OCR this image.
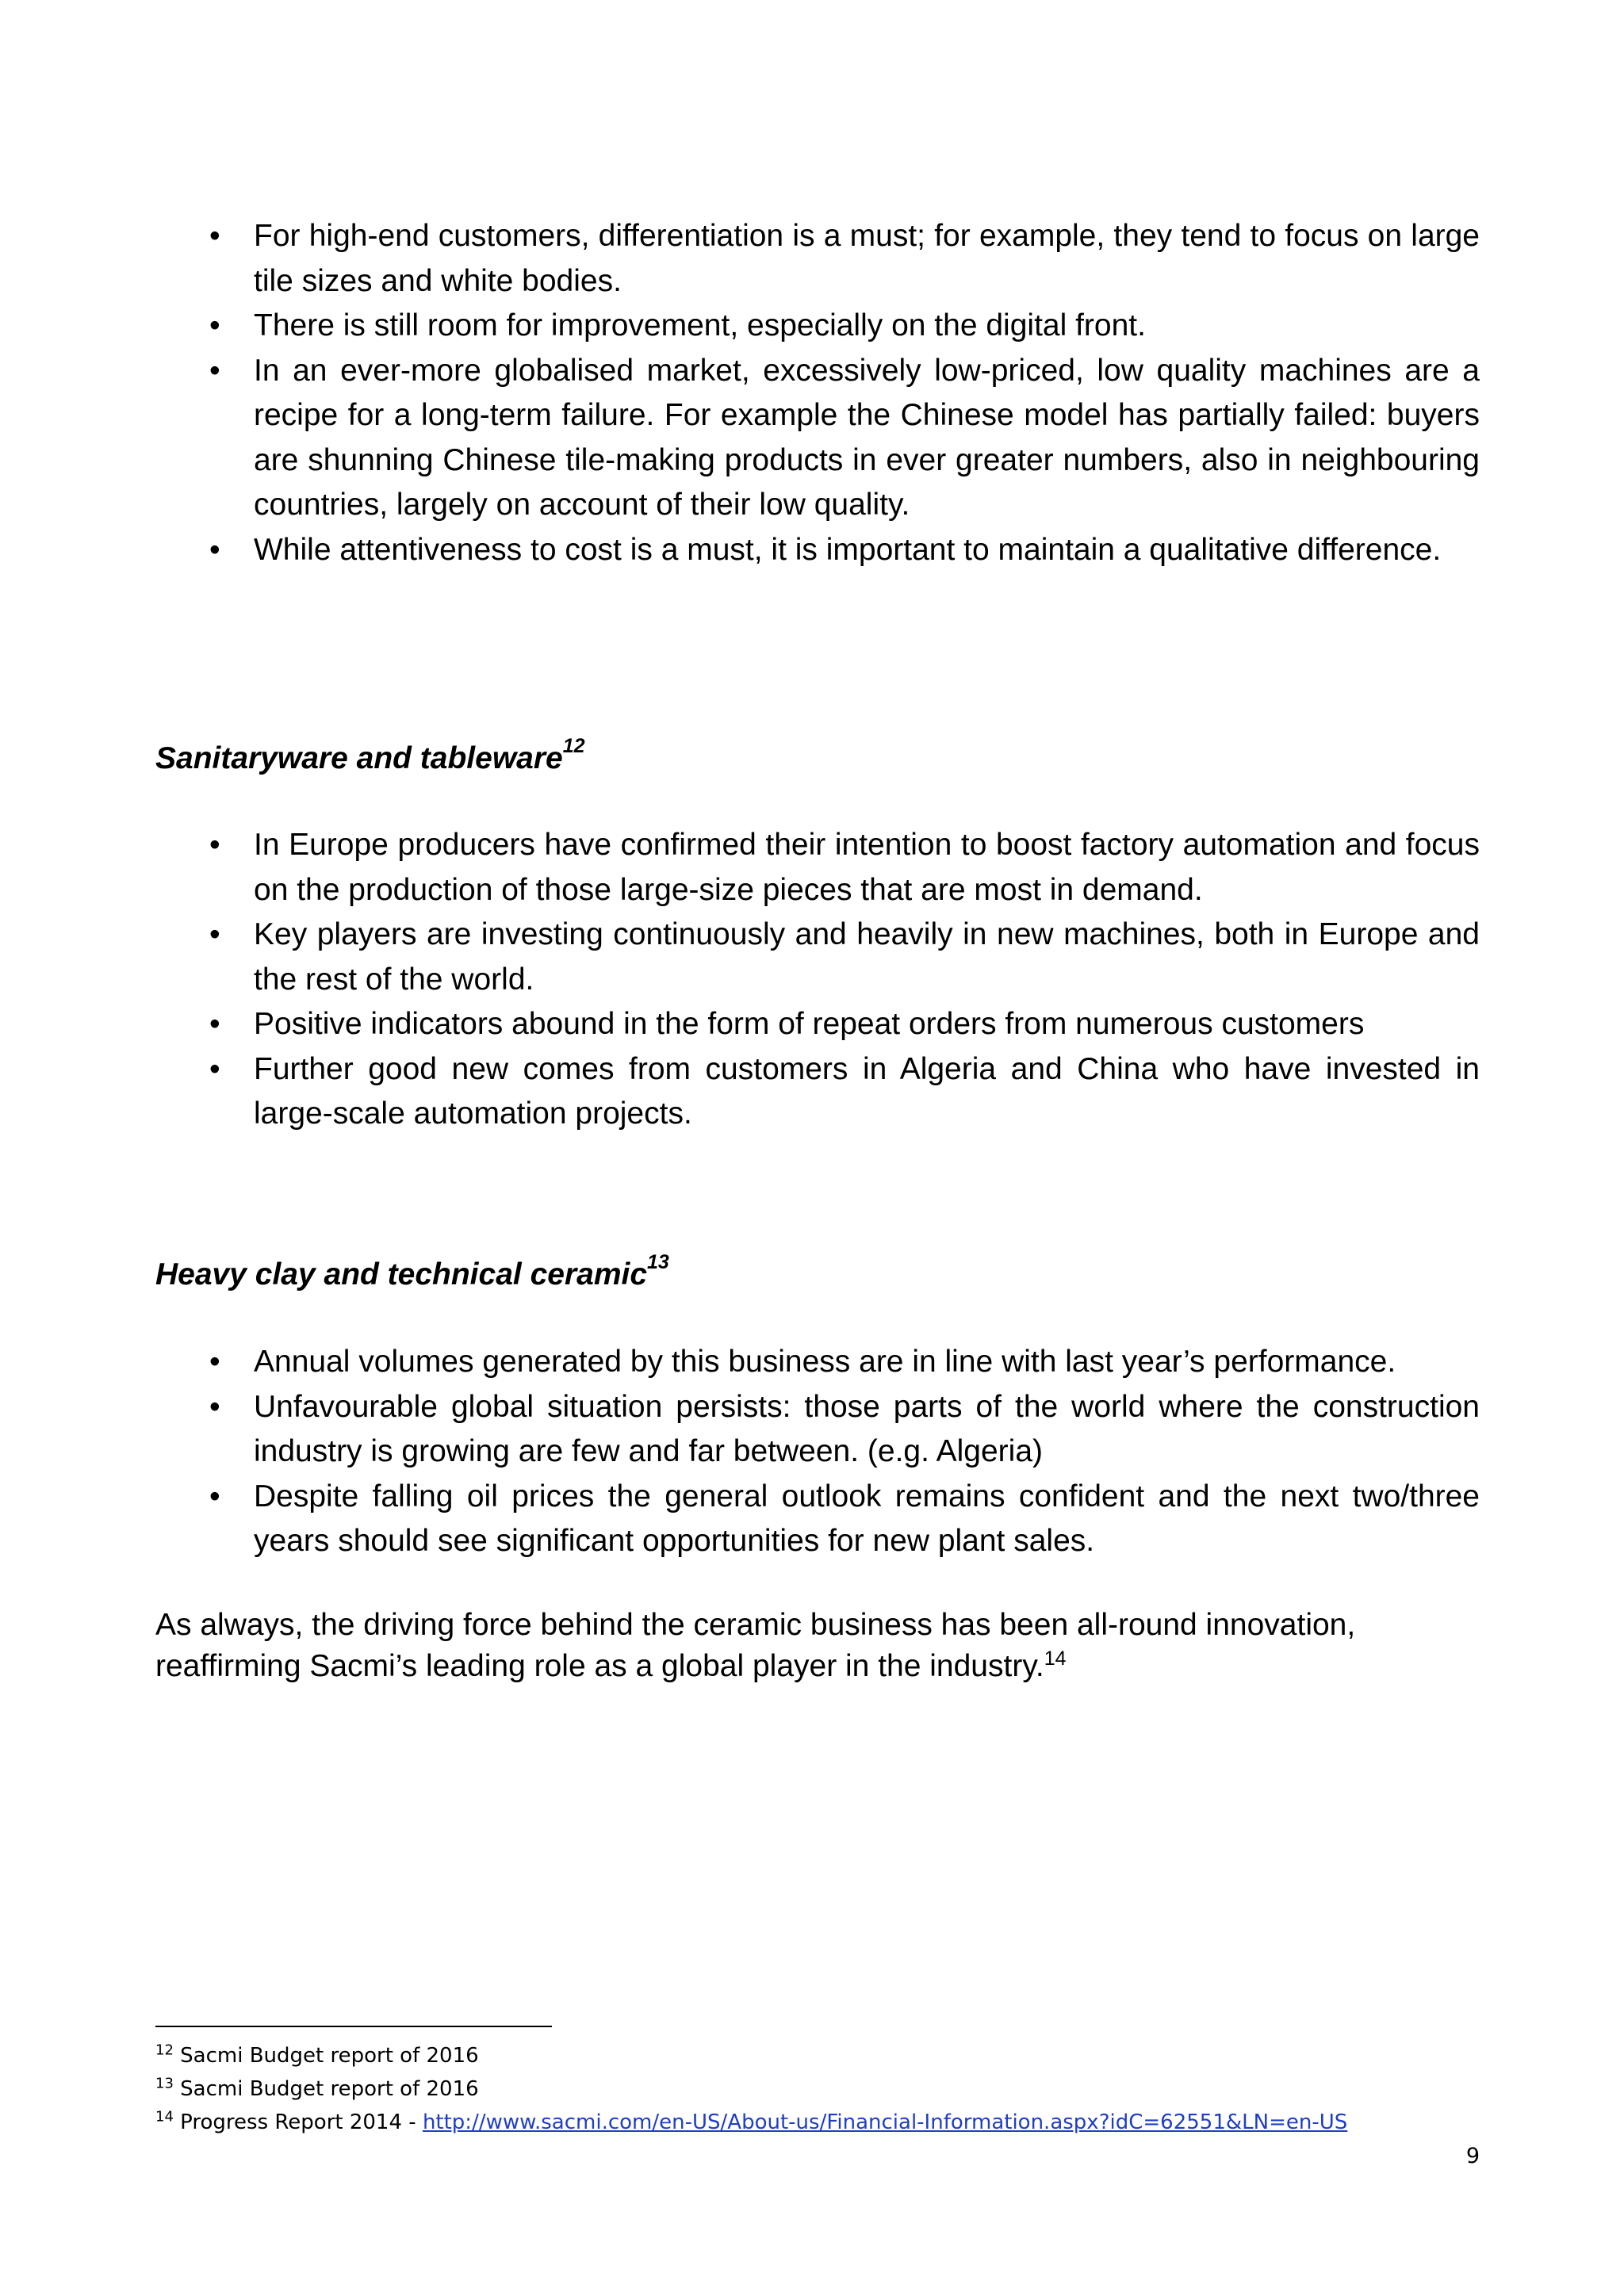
• For high-end customers, differentiation is a must; for example, they tend to focus on large tile sizes and white bodies.
• There is still room for improvement, especially on the digital front.
• In an ever-more globalised market, excessively low-priced, low quality machines are a recipe for a long-term failure. For example the Chinese model has partially failed: buyers are shunning Chinese tile-making products in ever greater numbers, also in neighbouring countries, largely on account of their low quality.
• While attentiveness to cost is a must, it is important to maintain a qualitative difference.
Sanitaryware and tableware$^{12}$
• In Europe producers have confirmed their intention to boost factory automation and focus on the production of those large-size pieces that are most in demand.
• Key players are investing continuously and heavily in new machines, both in Europe and the rest of the world.
• Positive indicators abound in the form of repeat orders from numerous customers
• Further good new comes from customers in Algeria and China who have invested in large-scale automation projects.
Heavy clay and technical ceramic$^{13}$
• Annual volumes generated by this business are in line with last year’s performance.
• Unfavourable global situation persists: those parts of the world where the construction industry is growing are few and far between. (e.g. Algeria)
• Despite falling oil prices the general outlook remains confident and the next two/three years should see significant opportunities for new plant sales.

As always, the driving force behind the ceramic business has been all-round innovation, reaffirming Sacmi’s leading role as a global player in the industry.$^{14}$

$^{12}$ Sacmi Budget report of 2016
$^{13}$ Sacmi Budget report of 2016
$^{14}$ Progress Report 2014 - http://www.sacmi.com/en-US/About-us/Financial-Information.aspx?idC=62551&LN=en-US
9
